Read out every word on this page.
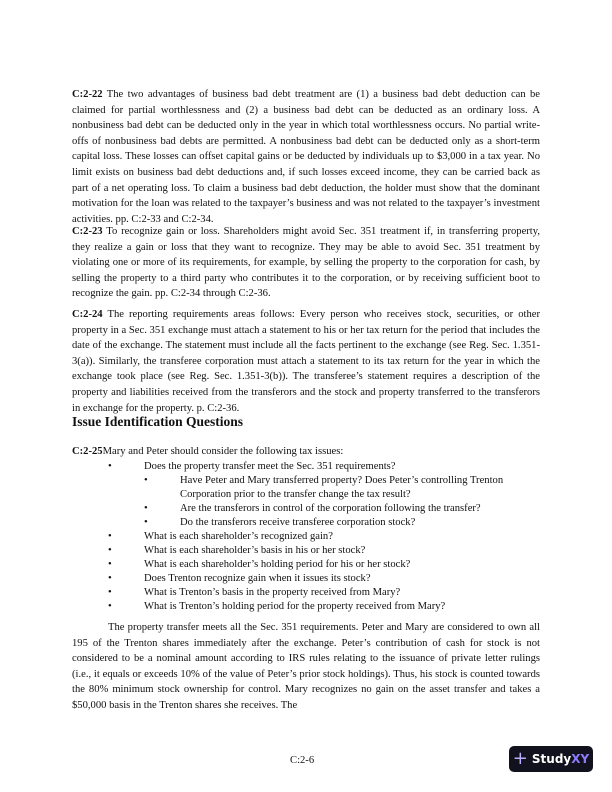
C:2-22 The two advantages of business bad debt treatment are (1) a business bad debt deduction can be claimed for partial worthlessness and (2) a business bad debt can be deducted as an ordinary loss. A nonbusiness bad debt can be deducted only in the year in which total worthlessness occurs. No partial write-offs of nonbusiness bad debts are permitted. A nonbusiness bad debt can be deducted only as a short-term capital loss. These losses can offset capital gains or be deducted by individuals up to $3,000 in a tax year. No limit exists on business bad debt deductions and, if such losses exceed income, they can be carried back as part of a net operating loss. To claim a business bad debt deduction, the holder must show that the dominant motivation for the loan was related to the taxpayer’s business and was not related to the taxpayer’s investment activities. pp. C:2-33 and C:2-34.
C:2-23 To recognize gain or loss. Shareholders might avoid Sec. 351 treatment if, in transferring property, they realize a gain or loss that they want to recognize. They may be able to avoid Sec. 351 treatment by violating one or more of its requirements, for example, by selling the property to the corporation for cash, by selling the property to a third party who contributes it to the corporation, or by receiving sufficient boot to recognize the gain. pp. C:2-34 through C:2-36.
C:2-24 The reporting requirements areas follows: Every person who receives stock, securities, or other property in a Sec. 351 exchange must attach a statement to his or her tax return for the period that includes the date of the exchange. The statement must include all the facts pertinent to the exchange (see Reg. Sec. 1.351-3(a)). Similarly, the transferee corporation must attach a statement to its tax return for the year in which the exchange took place (see Reg. Sec. 1.351-3(b)). The transferee’s statement requires a description of the property and liabilities received from the transferors and the stock and property transferred to the transferors in exchange for the property. p. C:2-36.
Issue Identification Questions
C:2-25Mary and Peter should consider the following tax issues:
•	Does the property transfer meet the Sec. 351 requirements?
•	Have Peter and Mary transferred property? Does Peter’s controlling Trenton
Corporation prior to the transfer change the tax result?
•	Are the transferors in control of the corporation following the transfer?
•	Do the transferors receive transferee corporation stock?
•	What is each shareholder’s recognized gain?
•	What is each shareholder’s basis in his or her stock?
•	What is each shareholder’s holding period for his or her stock?
•	Does Trenton recognize gain when it issues its stock?
•	What is Trenton’s basis in the property received from Mary?
•	What is Trenton’s holding period for the property received from Mary?
The property transfer meets all the Sec. 351 requirements. Peter and Mary are considered to own all 195 of the Trenton shares immediately after the exchange. Peter’s contribution of cash for stock is not considered to be a nominal amount according to IRS rules relating to the issuance of private letter rulings (i.e., it equals or exceeds 10% of the value of Peter’s prior stock holdings). Thus, his stock is counted towards the 80% minimum stock ownership for control. Mary recognizes no gain on the asset transfer and takes a $50,000 basis in the Trenton shares she receives. The
C:2-6	+ StudyXY
